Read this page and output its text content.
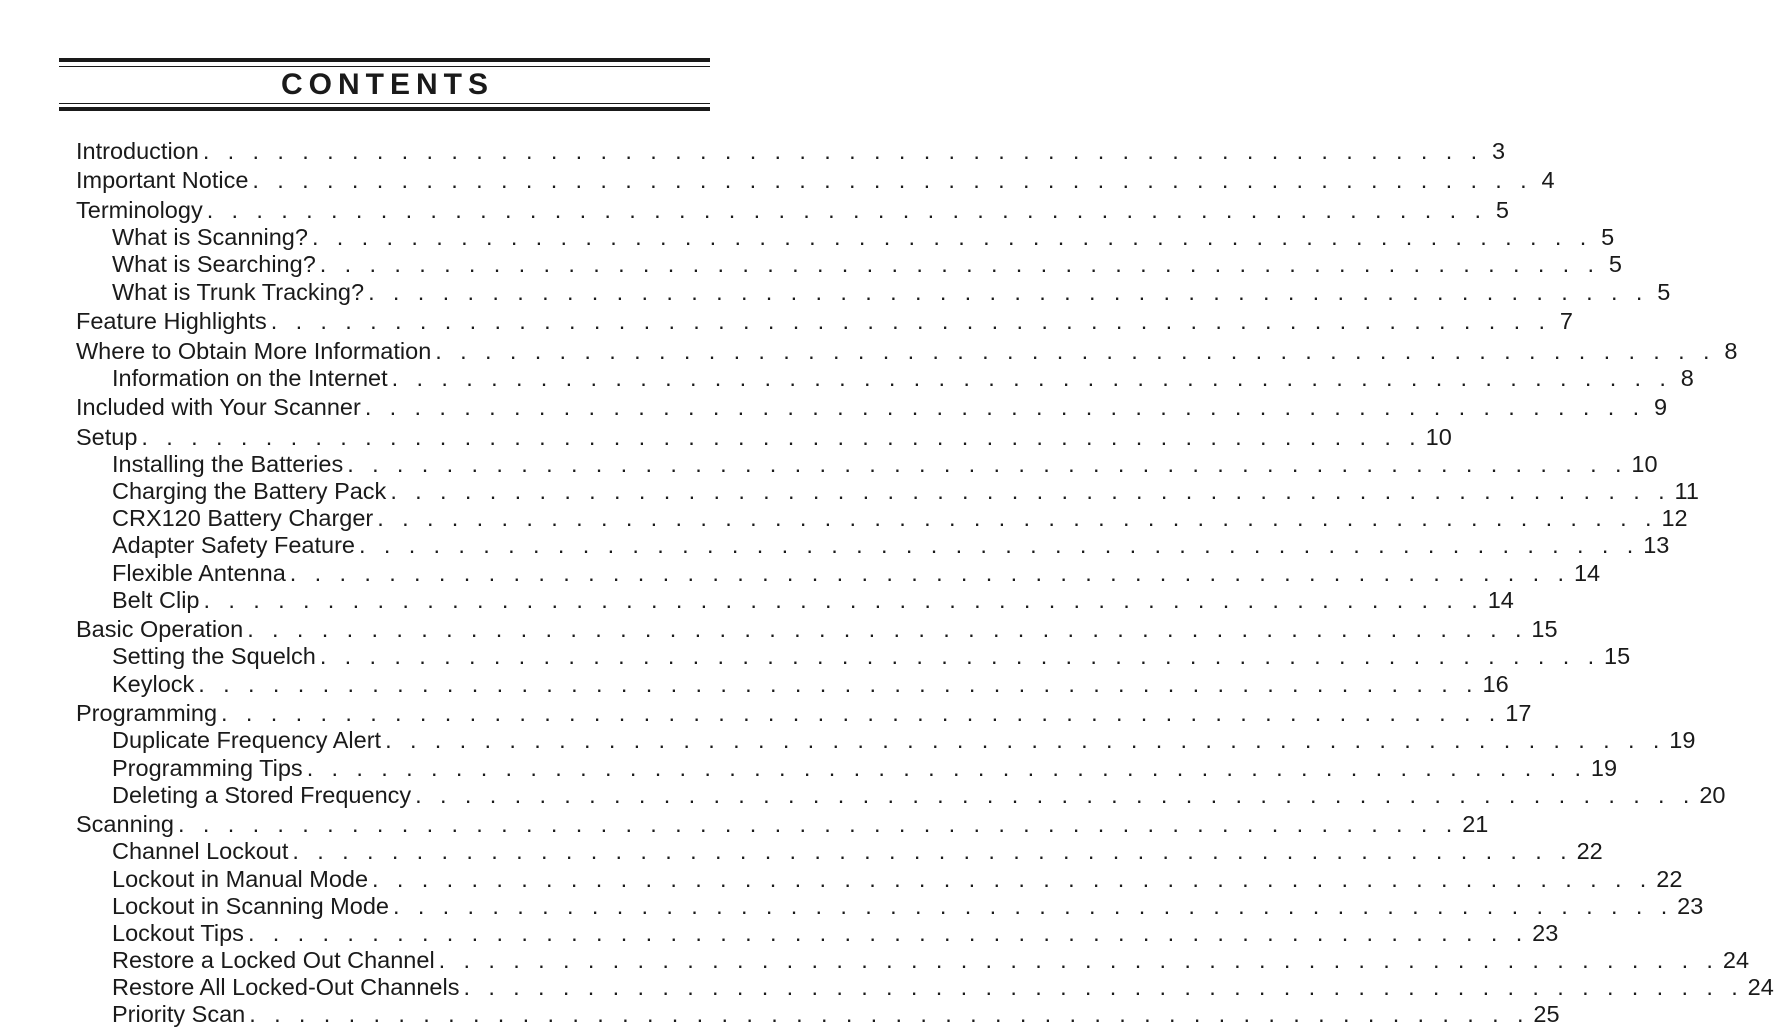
CONTENTS
Introduction . . . . . . . . . . . . . . . . . . . . . . . . . . . . . . . . . . . . . . . . . . . . . . . . . . . . 3
Important Notice . . . . . . . . . . . . . . . . . . . . . . . . . . . . . . . . . . . . . . . . . . . . . . . . . . . . 4
Terminology . . . . . . . . . . . . . . . . . . . . . . . . . . . . . . . . . . . . . . . . . . . . . . . . . . . . 5
What is Scanning? . . . . . . . . . . . . . . . . . . . . . . . . . . . . . . . . . . . . . . . . . . . . . . . . . . . . 5
What is Searching? . . . . . . . . . . . . . . . . . . . . . . . . . . . . . . . . . . . . . . . . . . . . . . . . . . . . 5
What is Trunk Tracking? . . . . . . . . . . . . . . . . . . . . . . . . . . . . . . . . . . . . . . . . . . . . . . . . . . . . 5
Feature Highlights . . . . . . . . . . . . . . . . . . . . . . . . . . . . . . . . . . . . . . . . . . . . . . . . . . . . 7
Where to Obtain More Information . . . . . . . . . . . . . . . . . . . . . . . . . . . . . . . . . . . . . . . . . . . . . . . . . . . . 8
Information on the Internet . . . . . . . . . . . . . . . . . . . . . . . . . . . . . . . . . . . . . . . . . . . . . . . . . . . . 8
Included with Your Scanner . . . . . . . . . . . . . . . . . . . . . . . . . . . . . . . . . . . . . . . . . . . . . . . . . . . . 9
Setup . . . . . . . . . . . . . . . . . . . . . . . . . . . . . . . . . . . . . . . . . . . . . . . . . . . . 10
Installing the Batteries . . . . . . . . . . . . . . . . . . . . . . . . . . . . . . . . . . . . . . . . . . . . . . . . . . . . 10
Charging the Battery Pack . . . . . . . . . . . . . . . . . . . . . . . . . . . . . . . . . . . . . . . . . . . . . . . . . . . . 11
CRX120 Battery Charger . . . . . . . . . . . . . . . . . . . . . . . . . . . . . . . . . . . . . . . . . . . . . . . . . . . . 12
Adapter Safety Feature . . . . . . . . . . . . . . . . . . . . . . . . . . . . . . . . . . . . . . . . . . . . . . . . . . . . 13
Flexible Antenna . . . . . . . . . . . . . . . . . . . . . . . . . . . . . . . . . . . . . . . . . . . . . . . . . . . . 14
Belt Clip . . . . . . . . . . . . . . . . . . . . . . . . . . . . . . . . . . . . . . . . . . . . . . . . . . . . 14
Basic Operation . . . . . . . . . . . . . . . . . . . . . . . . . . . . . . . . . . . . . . . . . . . . . . . . . . . . 15
Setting the Squelch . . . . . . . . . . . . . . . . . . . . . . . . . . . . . . . . . . . . . . . . . . . . . . . . . . . . 15
Keylock . . . . . . . . . . . . . . . . . . . . . . . . . . . . . . . . . . . . . . . . . . . . . . . . . . . . 16
Programming . . . . . . . . . . . . . . . . . . . . . . . . . . . . . . . . . . . . . . . . . . . . . . . . . . . . 17
Duplicate Frequency Alert . . . . . . . . . . . . . . . . . . . . . . . . . . . . . . . . . . . . . . . . . . . . . . . . . . . . 19
Programming Tips . . . . . . . . . . . . . . . . . . . . . . . . . . . . . . . . . . . . . . . . . . . . . . . . . . . . 19
Deleting a Stored Frequency . . . . . . . . . . . . . . . . . . . . . . . . . . . . . . . . . . . . . . . . . . . . . . . . . . . . 20
Scanning . . . . . . . . . . . . . . . . . . . . . . . . . . . . . . . . . . . . . . . . . . . . . . . . . . . . 21
Channel Lockout . . . . . . . . . . . . . . . . . . . . . . . . . . . . . . . . . . . . . . . . . . . . . . . . . . . . 22
Lockout in Manual Mode . . . . . . . . . . . . . . . . . . . . . . . . . . . . . . . . . . . . . . . . . . . . . . . . . . . . 22
Lockout in Scanning Mode . . . . . . . . . . . . . . . . . . . . . . . . . . . . . . . . . . . . . . . . . . . . . . . . . . . . 23
Lockout Tips . . . . . . . . . . . . . . . . . . . . . . . . . . . . . . . . . . . . . . . . . . . . . . . . . . . . 23
Restore a Locked Out Channel . . . . . . . . . . . . . . . . . . . . . . . . . . . . . . . . . . . . . . . . . . . . . . . . . . . . 24
Restore All Locked-Out Channels . . . . . . . . . . . . . . . . . . . . . . . . . . . . . . . . . . . . . . . . . . . . . . . . . . . . 24
Priority Scan . . . . . . . . . . . . . . . . . . . . . . . . . . . . . . . . . . . . . . . . . . . . . . . . . . . . 25
